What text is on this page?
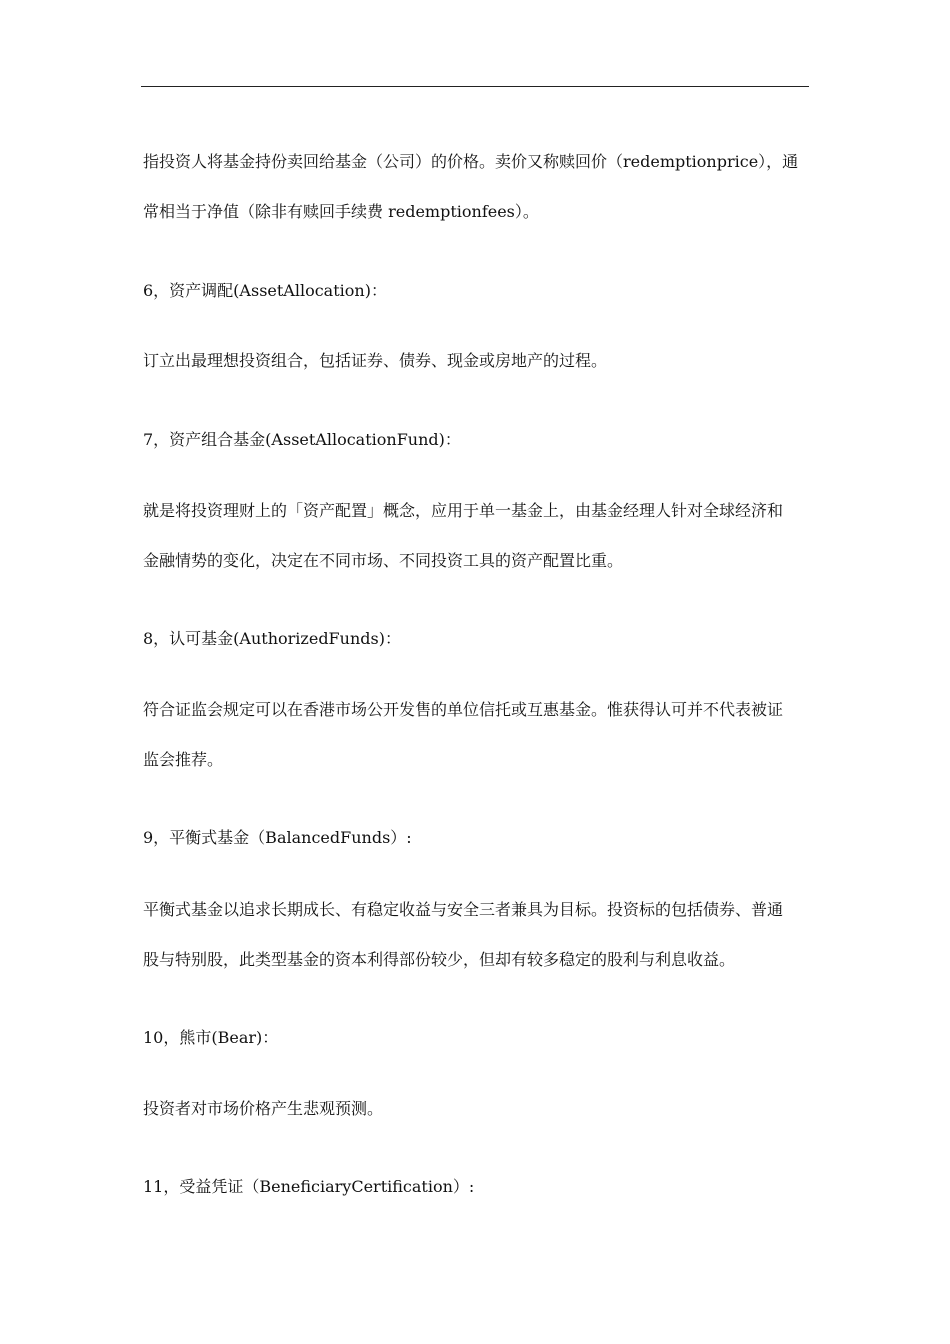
指投资人将基金持份卖回给基金（公司）的价格。卖价又称赎回价（redemptionprice），通
常相当于净值（除非有赎回手续费 redemptionfees）。
6，资产调配(AssetAllocation)：
订立出最理想投资组合，包括证券、债券、现金或房地产的过程。
7，资产组合基金(AssetAllocationFund)：
就是将投资理财上的「资产配置」概念，应用于单一基金上，由基金经理人针对全球经济和
金融情势的变化，决定在不同市场、不同投资工具的资产配置比重。
8，认可基金(AuthorizedFunds)：
符合证监会规定可以在香港市场公开发售的单位信托或互惠基金。惟获得认可并不代表被证
监会推荐。
9，平衡式基金（BalancedFunds）:
平衡式基金以追求长期成长、有稳定收益与安全三者兼具为目标。投资标的包括债券、普通
股与特别股，此类型基金的资本利得部份较少，但却有较多稳定的股利与利息收益。
10，熊市(Bear)：
投资者对市场价格产生悲观预测。
11，受益凭证（BeneficiaryCertification）:
